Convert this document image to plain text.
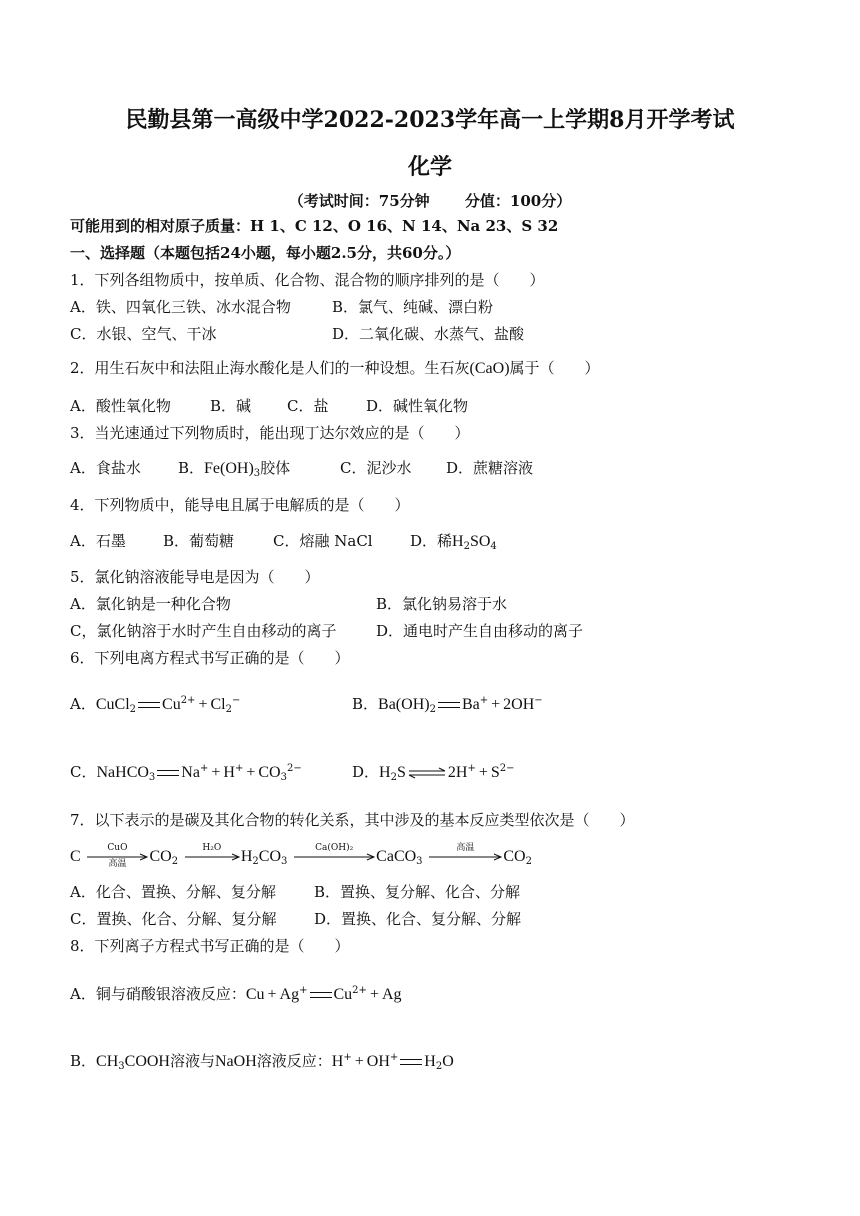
民勤县第一高级中学2022-2023学年高一上学期8月开学考试
化学
（考试时间：75分钟　　 分值：100分）
可能用到的相对原子质量：H 1、C 12、O 16、N 14、Na 23、S 32
一、选择题（本题包括24小题，每小题2.5分，共60分。）
1．下列各组物质中，按单质、化合物、混合物的顺序排列的是（　　）
A．铁、四氧化三铁、冰水混合物	B．氯气、纯碱、漂白粉
C．水银、空气、干冰	D．二氧化碳、水蒸气、盐酸
2．用生石灰中和法阻止海水酸化是人们的一种设想。生石灰(CaO)属于（　　）
A．酸性氧化物	B．碱 C．盐	D．碱性氧化物
3．当光速通过下列物质时，能出现丁达尔效应的是（　　）
A．食盐水 B．$Fe(OH)_3$胶体	C．泥沙水 D．蔗糖溶液
4．下列物质中，能导电且属于电解质的是（　　）
A．石墨 B．葡萄糖	C．熔融 NaCl D．稀$H_2SO_4$
5．氯化钠溶液能导电是因为（　　）
A．氯化钠是一种化合物	B．氯化钠易溶于水
C，氯化钠溶于水时产生自由移动的离子	D．通电时产生自由移动的离子
6．下列电离方程式书写正确的是（　　）
A．CuCl$_2$ $Cu^{2+} + Cl_2^-$	B．$Ba(OH)_2$ Ba+ + 2OH−
C．NaHCO$_3$ $Na^+ + H^+ + CO_3^{2-}$	D．$H_2S$ ⇌ $2H^+ + S^{2-}$
7．以下表示的是碳及其化合物的转化关系，其中涉及的基本反应类型依次是（　　）
C	CuO
高温	$CO_2$
H₂O	$H_2CO_3$
Ca(OH)₂	CaCO$_3$
高温	$CO_2$
A．化合、置换、分解、复分解	B．置换、复分解、化合、分解
C．置换、化合、分解、复分解	D．置换、化合、复分解、分解
8．下列离子方程式书写正确的是（　　）
A．铜与硝酸银溶液反应：Cu + Ag+ $Cu^{2+} + Ag$
B．$CH_3COOH$溶液与NaOH溶液反应：H+ + OH+ $H_2O$
